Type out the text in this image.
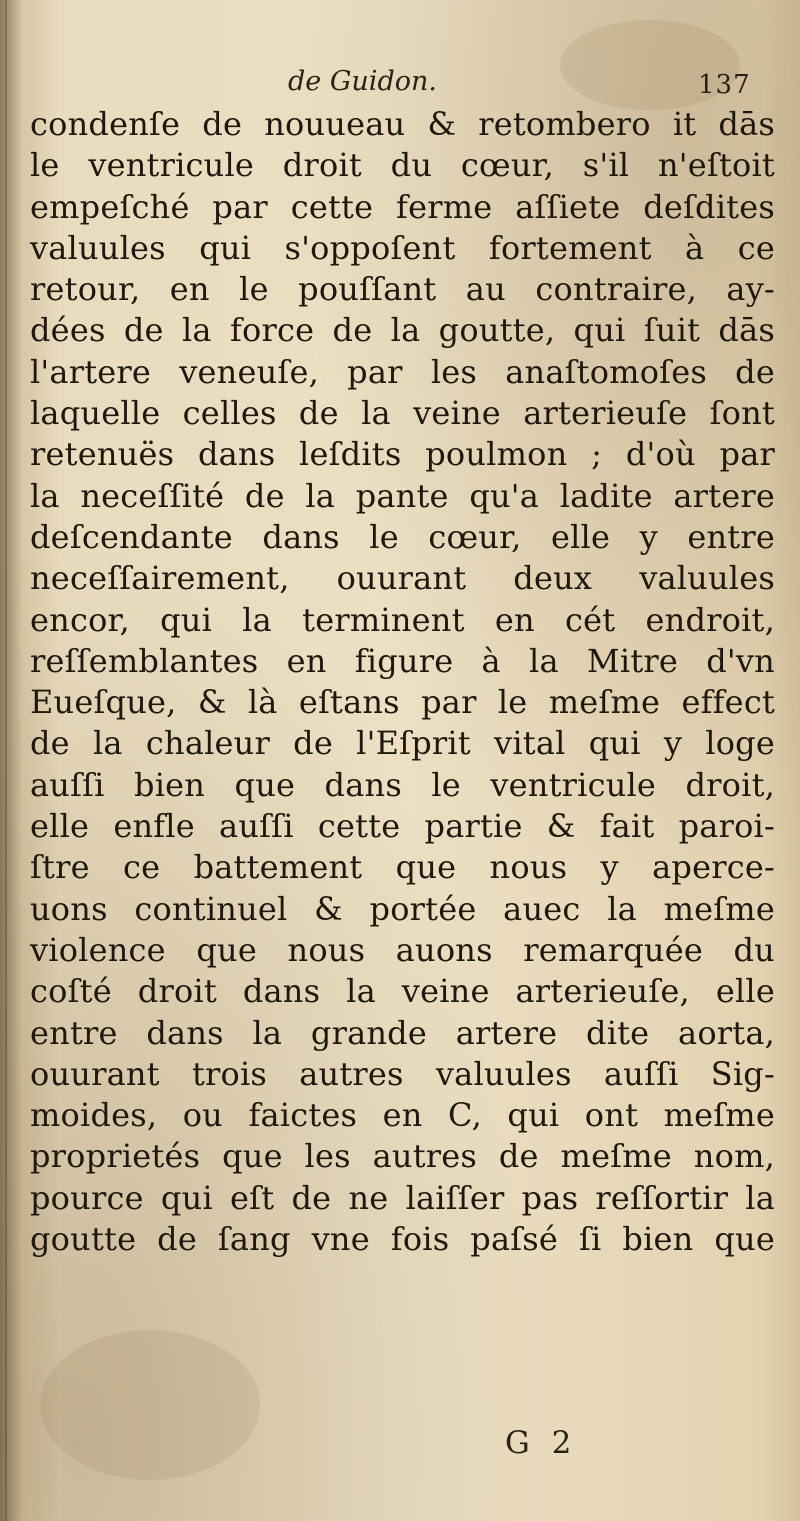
de Guidon.	137
condenſe de nouueau & retombero it dās
le ventricule droit du cœur, s'il n'eſtoit
empeſché par cette ferme aſſiete deſdites
valuules qui s'oppoſent fortement à ce
retour, en le pouſſant au contraire, ay-
dées de la force de la goutte, qui ſuit dās
l'artere veneuſe, par les anaſtomoſes de
laquelle celles de la veine arterieuſe ſont
retenuës dans leſdits poulmon ; d'où par
la neceſſité de la pante qu'a ladite artere
deſcendante dans le cœur, elle y entre
neceſſairement, ouurant deux valuules
encor, qui la terminent en cét endroit,
reſſemblantes en figure à la Mitre d'vn
Eueſque, & là eſtans par le meſme effect
de la chaleur de l'Eſprit vital qui y loge
auſſi bien que dans le ventricule droit,
elle enfle auſſi cette partie & fait paroi-
ſtre ce battement que nous y aperce-
uons continuel & portée auec la meſme
violence que nous auons remarquée du
coſté droit dans la veine arterieuſe, elle
entre dans la grande artere dite aorta,
ouurant trois autres valuules auſſi Sig-
moides, ou faictes en C, qui ont meſme
proprietés que les autres de meſme nom,
pource qui eſt de ne laiſſer pas reſſortir la
goutte de ſang vne fois paſsé ſi bien que
G 2
